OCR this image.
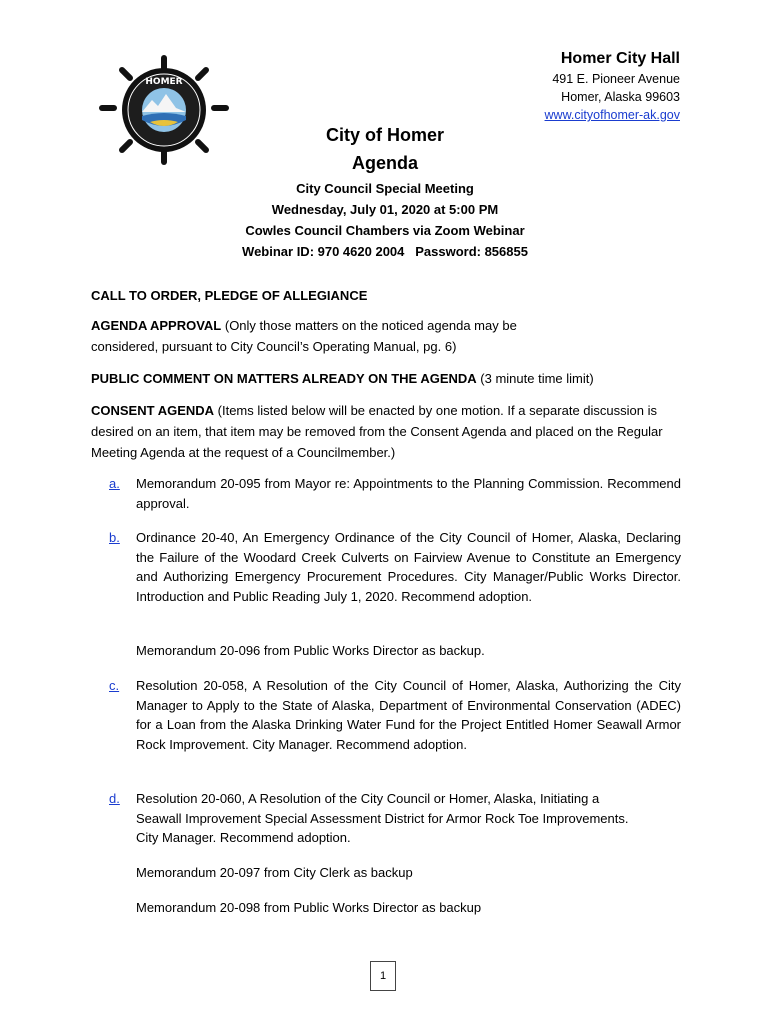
HOMER
Homer City Hall
491 E. Pioneer Avenue
Homer, Alaska 99603
www.cityofhomer-ak.gov
City of Homer
Agenda
City Council Special Meeting
Wednesday, July 01, 2020 at 5:00 PM
Cowles Council Chambers via Zoom Webinar
Webinar ID: 970 4620 2004   Password: 856855
CALL TO ORDER, PLEDGE OF ALLEGIANCE
AGENDA APPROVAL (Only those matters on the noticed agenda may be considered, pursuant to City Council’s Operating Manual, pg. 6)
PUBLIC COMMENT ON MATTERS ALREADY ON THE AGENDA (3 minute time limit)
CONSENT AGENDA (Items listed below will be enacted by one motion. If a separate discussion is desired on an item, that item may be removed from the Consent Agenda and placed on the Regular Meeting Agenda at the request of a Councilmember.)
a. Memorandum 20-095 from Mayor re: Appointments to the Planning Commission. Recommend approval.
b. Ordinance 20-40, An Emergency Ordinance of the City Council of Homer, Alaska, Declaring the Failure of the Woodard Creek Culverts on Fairview Avenue to Constitute an Emergency and Authorizing Emergency Procurement Procedures. City Manager/Public Works Director. Introduction and Public Reading July 1, 2020. Recommend adoption.
Memorandum 20-096 from Public Works Director as backup.
c. Resolution 20-058, A Resolution of the City Council of Homer, Alaska, Authorizing the City Manager to Apply to the State of Alaska, Department of Environmental Conservation (ADEC) for a Loan from the Alaska Drinking Water Fund for the Project Entitled Homer Seawall Armor Rock Improvement. City Manager. Recommend adoption.
d. Resolution 20-060, A Resolution of the City Council or Homer, Alaska, Initiating a Seawall Improvement Special Assessment District for Armor Rock Toe Improvements. City Manager. Recommend adoption.
Memorandum 20-097 from City Clerk as backup
Memorandum 20-098 from Public Works Director as backup
1
